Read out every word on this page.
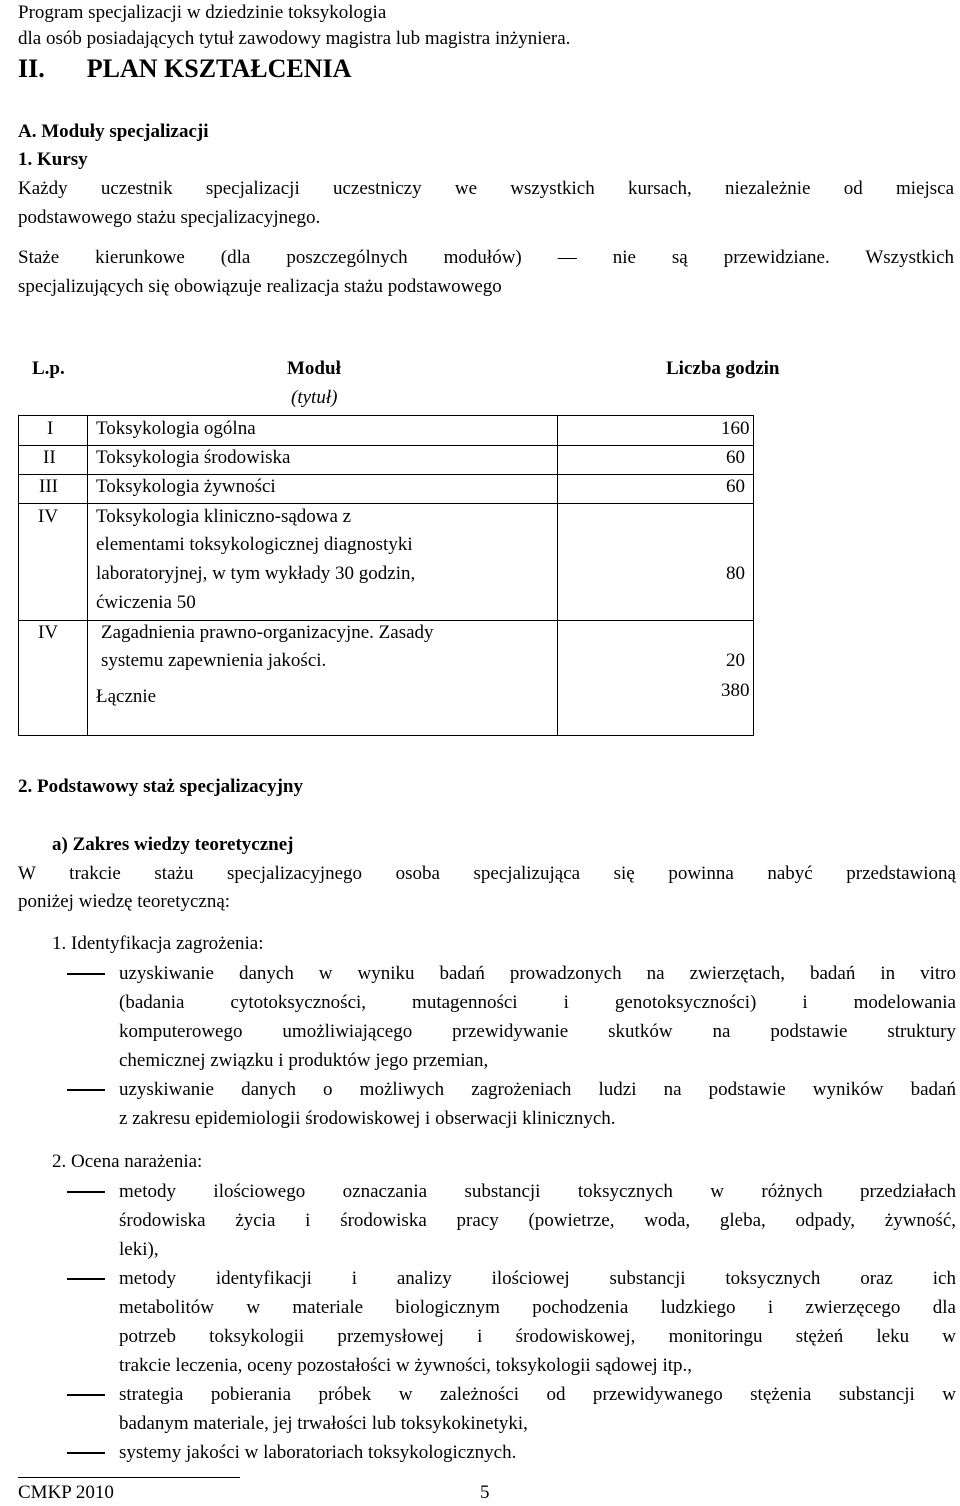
Program specjalizacji w dziedzinie toksykologia
dla osób posiadających tytuł zawodowy magistra lub magistra inżyniera.
II. PLAN KSZTAŁCENIA
A. Moduły specjalizacji
1. Kursy
Każdy uczestnik specjalizacji uczestniczy we wszystkich kursach, niezależnie od miejsca
podstawowego stażu specjalizacyjnego.
Staże kierunkowe (dla poszczególnych modułów) — nie są przewidziane. Wszystkich
specjalizujących się obowiązuje realizacja stażu podstawowego
L.p.	Moduł
(tytuł)
Liczba godzin
I Toksykologia ogólna	160
II Toksykologia środowiska	60
III Toksykologia żywności	60
IV Toksykologia kliniczno-sądowa z
elementami toksykologicznej diagnostyki
laboratoryjnej, w tym wykłady 30 godzin,
ćwiczenia 50
80
IV Zagadnienia prawno-organizacyjne. Zasady
systemu zapewnienia jakości.	20
Łącznie	380
2. Podstawowy staż specjalizacyjny
a) Zakres wiedzy teoretycznej
W trakcie stażu specjalizacyjnego osoba specjalizująca się powinna nabyć przedstawioną
poniżej wiedzę teoretyczną:
1. Identyfikacja zagrożenia:
uzyskiwanie danych w wyniku badań prowadzonych na zwierzętach, badań in vitro
(badania cytotoksyczności, mutagenności i genotoksyczności) i modelowania
komputerowego umożliwiającego przewidywanie skutków na podstawie struktury
chemicznej związku i produktów jego przemian,
uzyskiwanie danych o możliwych zagrożeniach ludzi na podstawie wyników badań
z zakresu epidemiologii środowiskowej i obserwacji klinicznych.
2. Ocena narażenia:
metody ilościowego oznaczania substancji toksycznych w różnych przedziałach
środowiska życia i środowiska pracy (powietrze, woda, gleba, odpady, żywność,
leki),
metody identyfikacji i analizy ilościowej substancji toksycznych oraz ich
metabolitów w materiale biologicznym pochodzenia ludzkiego i zwierzęcego dla
potrzeb toksykologii przemysłowej i środowiskowej, monitoringu stężeń leku w
trakcie leczenia, oceny pozostałości w żywności, toksykologii sądowej itp.,
strategia pobierania próbek w zależności od przewidywanego stężenia substancji w
badanym materiale, jej trwałości lub toksykokinetyki,
systemy jakości w laboratoriach toksykologicznych.
CMKP 2010	5
